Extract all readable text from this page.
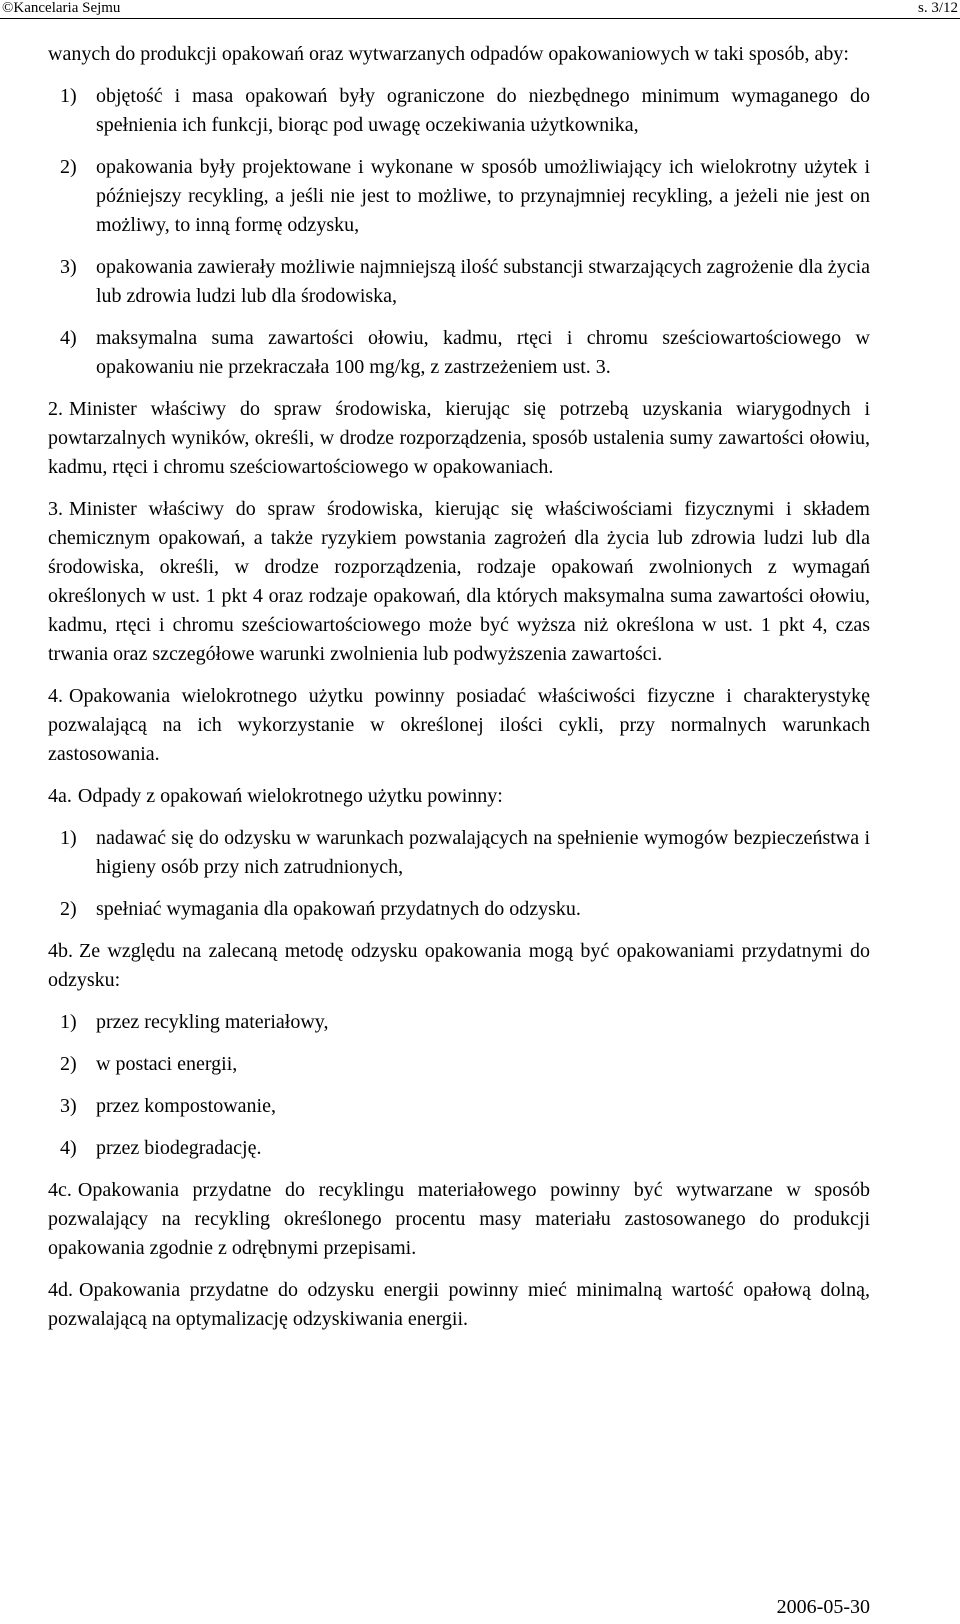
©Kancelaria Sejmu	s. 3/12

wanych do produkcji opakowań oraz wytwarzanych odpadów opakowaniowych w taki sposób, aby:

1) objętość i masa opakowań były ograniczone do niezbędnego minimum wymaganego do spełnienia ich funkcji, biorąc pod uwagę oczekiwania użytkownika,
2) opakowania były projektowane i wykonane w sposób umożliwiający ich wielokrotny użytek i późniejszy recykling, a jeśli nie jest to możliwe, to przynajmniej recykling, a jeżeli nie jest on możliwy, to inną formę odzysku,
3) opakowania zawierały możliwie najmniejszą ilość substancji stwarzających zagrożenie dla życia lub zdrowia ludzi lub dla środowiska,
4) maksymalna suma zawartości ołowiu, kadmu, rtęci i chromu sześciowartościowego w opakowaniu nie przekraczała 100 mg/kg, z zastrzeżeniem ust. 3.

2. Minister właściwy do spraw środowiska, kierując się potrzebą uzyskania wiarygodnych i powtarzalnych wyników, określi, w drodze rozporządzenia, sposób ustalenia sumy zawartości ołowiu, kadmu, rtęci i chromu sześciowartościowego w opakowaniach.

3. Minister właściwy do spraw środowiska, kierując się właściwościami fizycznymi i składem chemicznym opakowań, a także ryzykiem powstania zagrożeń dla życia lub zdrowia ludzi lub dla środowiska, określi, w drodze rozporządzenia, rodzaje opakowań zwolnionych z wymagań określonych w ust. 1 pkt 4 oraz rodzaje opakowań, dla których maksymalna suma zawartości ołowiu, kadmu, rtęci i chromu sześciowartościowego może być wyższa niż określona w ust. 1 pkt 4, czas trwania oraz szczegółowe warunki zwolnienia lub podwyższenia zawartości.

4. Opakowania wielokrotnego użytku powinny posiadać właściwości fizyczne i charakterystykę pozwalającą na ich wykorzystanie w określonej ilości cykli, przy normalnych warunkach zastosowania.

4a. Odpady z opakowań wielokrotnego użytku powinny:

1) nadawać się do odzysku w warunkach pozwalających na spełnienie wymogów bezpieczeństwa i higieny osób przy nich zatrudnionych,
2) spełniać wymagania dla opakowań przydatnych do odzysku.

4b. Ze względu na zalecaną metodę odzysku opakowania mogą być opakowaniami przydatnymi do odzysku:

1) przez recykling materiałowy,
2) w postaci energii,
3) przez kompostowanie,
4) przez biodegradację.

4c. Opakowania przydatne do recyklingu materiałowego powinny być wytwarzane w sposób pozwalający na recykling określonego procentu masy materiału zastosowanego do produkcji opakowania zgodnie z odrębnymi przepisami.

4d. Opakowania przydatne do odzysku energii powinny mieć minimalną wartość opałową dolną, pozwalającą na optymalizację odzyskiwania energii.

2006-05-30
